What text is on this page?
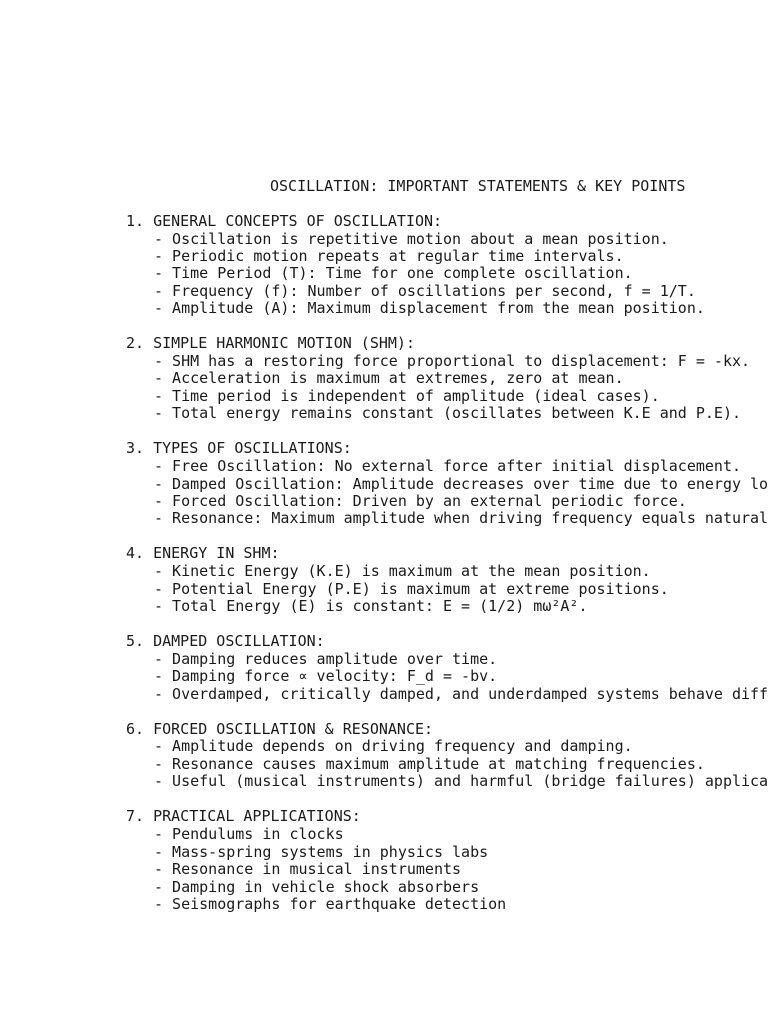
OSCILLATION: IMPORTANT STATEMENTS & KEY POINTS
1. GENERAL CONCEPTS OF OSCILLATION:
- Oscillation is repetitive motion about a mean position.
- Periodic motion repeats at regular time intervals.
- Time Period (T): Time for one complete oscillation.
- Frequency (f): Number of oscillations per second, f = 1/T.
- Amplitude (A): Maximum displacement from the mean position.
2. SIMPLE HARMONIC MOTION (SHM):
- SHM has a restoring force proportional to displacement: F = -kx.
- Acceleration is maximum at extremes, zero at mean.
- Time period is independent of amplitude (ideal cases).
- Total energy remains constant (oscillates between K.E and P.E).
3. TYPES OF OSCILLATIONS:
- Free Oscillation: No external force after initial displacement.
- Damped Oscillation: Amplitude decreases over time due to energy lo
- Forced Oscillation: Driven by an external periodic force.
- Resonance: Maximum amplitude when driving frequency equals natural
4. ENERGY IN SHM:
- Kinetic Energy (K.E) is maximum at the mean position.
- Potential Energy (P.E) is maximum at extreme positions.
- Total Energy (E) is constant: E = (1/2) mω²A².
5. DAMPED OSCILLATION:
- Damping reduces amplitude over time.
- Damping force ∝ velocity: F_d = -bv.
- Overdamped, critically damped, and underdamped systems behave diff
6. FORCED OSCILLATION & RESONANCE:
- Amplitude depends on driving frequency and damping.
- Resonance causes maximum amplitude at matching frequencies.
- Useful (musical instruments) and harmful (bridge failures) applica
7. PRACTICAL APPLICATIONS:
- Pendulums in clocks
- Mass-spring systems in physics labs
- Resonance in musical instruments
- Damping in vehicle shock absorbers
- Seismographs for earthquake detection
